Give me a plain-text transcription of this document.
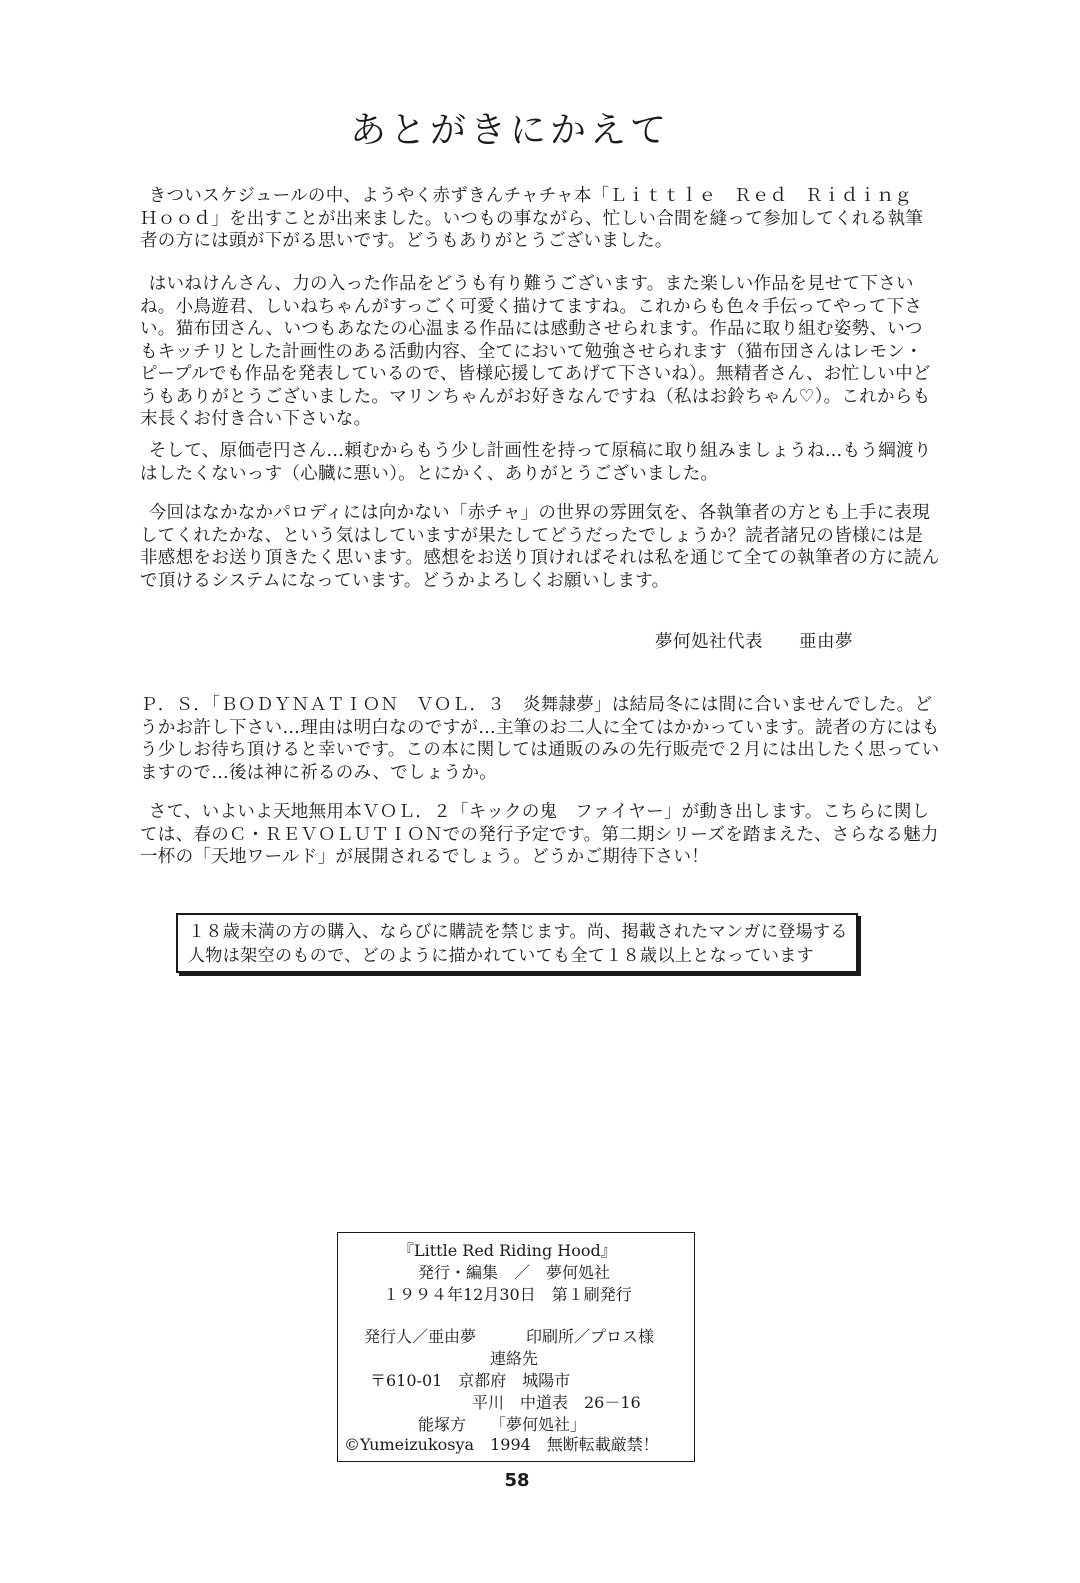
あとがきにかえて
きついスケジュールの中、ようやく赤ずきんチャチャ本「Ｌｉｔｔｌｅ　Ｒｅｄ　Ｒｉｄｉｎｇ　Ｈｏｏｄ」を出すことが出来ました。いつもの事ながら、忙しい合間を縫って参加してくれる執筆者の方には頭が下がる思いです。どうもありがとうございました。
はいねけんさん、力の入った作品をどうも有り難うございます。また楽しい作品を見せて下さいね。小鳥遊君、しいねちゃんがすっごく可愛く描けてますね。これからも色々手伝ってやって下さい。猫布団さん、いつもあなたの心温まる作品には感動させられます。作品に取り組む姿勢、いつもキッチリとした計画性のある活動内容、全てにおいて勉強させられます（猫布団さんはレモン・ピープルでも作品を発表しているので、皆様応援してあげて下さいね）。無精者さん、お忙しい中どうもありがとうございました。マリンちゃんがお好きなんですね（私はお鈴ちゃん♡）。これからも末長くお付き合い下さいな。
そして、原価壱円さん…頼むからもう少し計画性を持って原稿に取り組みましょうね…もう綱渡りはしたくないっす（心臓に悪い）。とにかく、ありがとうございました。
今回はなかなかパロディには向かない「赤チャ」の世界の雰囲気を、各執筆者の方とも上手に表現してくれたかな、という気はしていますが果たしてどうだったでしょうか？読者諸兄の皆様には是非感想をお送り頂きたく思います。感想をお送り頂ければそれは私を通じて全ての執筆者の方に読んで頂けるシステムになっています。どうかよろしくお願いします。
夢何処社代表 亜由夢
Ｐ．Ｓ．「ＢＯＤＹＮＡＴＩＯＮ　ＶＯＬ．３　炎舞隷夢」は結局冬には間に合いませんでした。どうかお許し下さい…理由は明白なのですが…主筆のお二人に全てはかかっています。読者の方にはもう少しお待ち頂けると幸いです。この本に関しては通販のみの先行販売で２月には出したく思っていますので…後は神に祈るのみ、でしょうか。
さて、いよいよ天地無用本ＶＯＬ．２「キックの鬼　ファイヤー」が動き出します。こちらに関しては、春のＣ・ＲＥＶＯＬＵＴＩＯＮでの発行予定です。第二期シリーズを踏まえた、さらなる魅力一杯の「天地ワールド」が展開されるでしょう。どうかご期待下さい！
１８歳未満の方の購入、ならびに購読を禁じます。尚、掲載されたマンガに登場する人物は架空のもので、どのように描かれていても全て１８歳以上となっています
『Little Red Riding Hood』
発行・編集　／　夢何処社
１９９４年12月30日　第１刷発行
発行人／亜由夢	印刷所／プロス様
連絡先
〒610-01　京都府　城陽市
平川　中道表　26－16
能塚方　　「夢何処社」
©Yumeizukosya　1994　無断転載厳禁！
58
